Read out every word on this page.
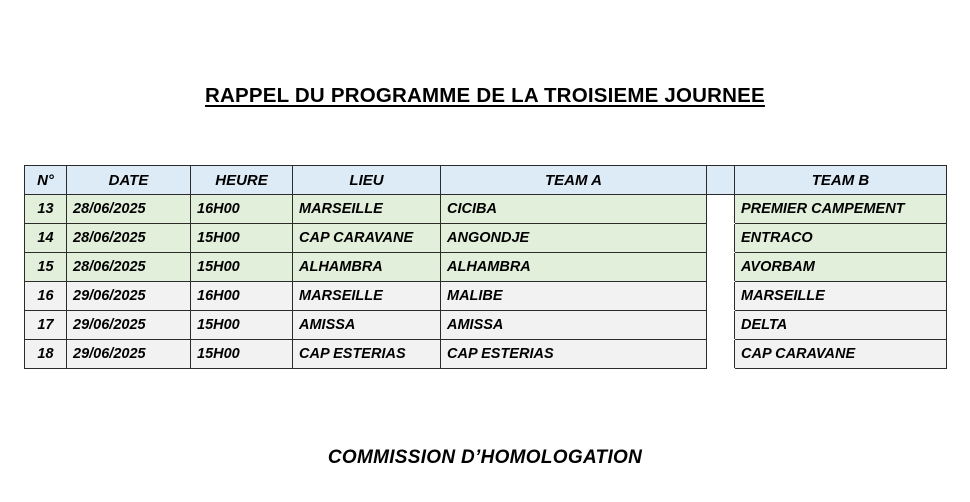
RAPPEL DU PROGRAMME DE LA TROISIEME JOURNEE
N°	DATE	HEURE	LIEU	TEAM A		TEAM B
13	28/06/2025	16H00	MARSEILLE	CICIBA		PREMIER CAMPEMENT
14	28/06/2025	15H00	CAP CARAVANE	ANGONDJE		ENTRACO
15	28/06/2025	15H00	ALHAMBRA	ALHAMBRA		AVORBAM
16	29/06/2025	16H00	MARSEILLE	MALIBE		MARSEILLE
17	29/06/2025	15H00	AMISSA	AMISSA		DELTA
18	29/06/2025	15H00	CAP ESTERIAS	CAP ESTERIAS		CAP CARAVANE
COMMISSION D’HOMOLOGATION
